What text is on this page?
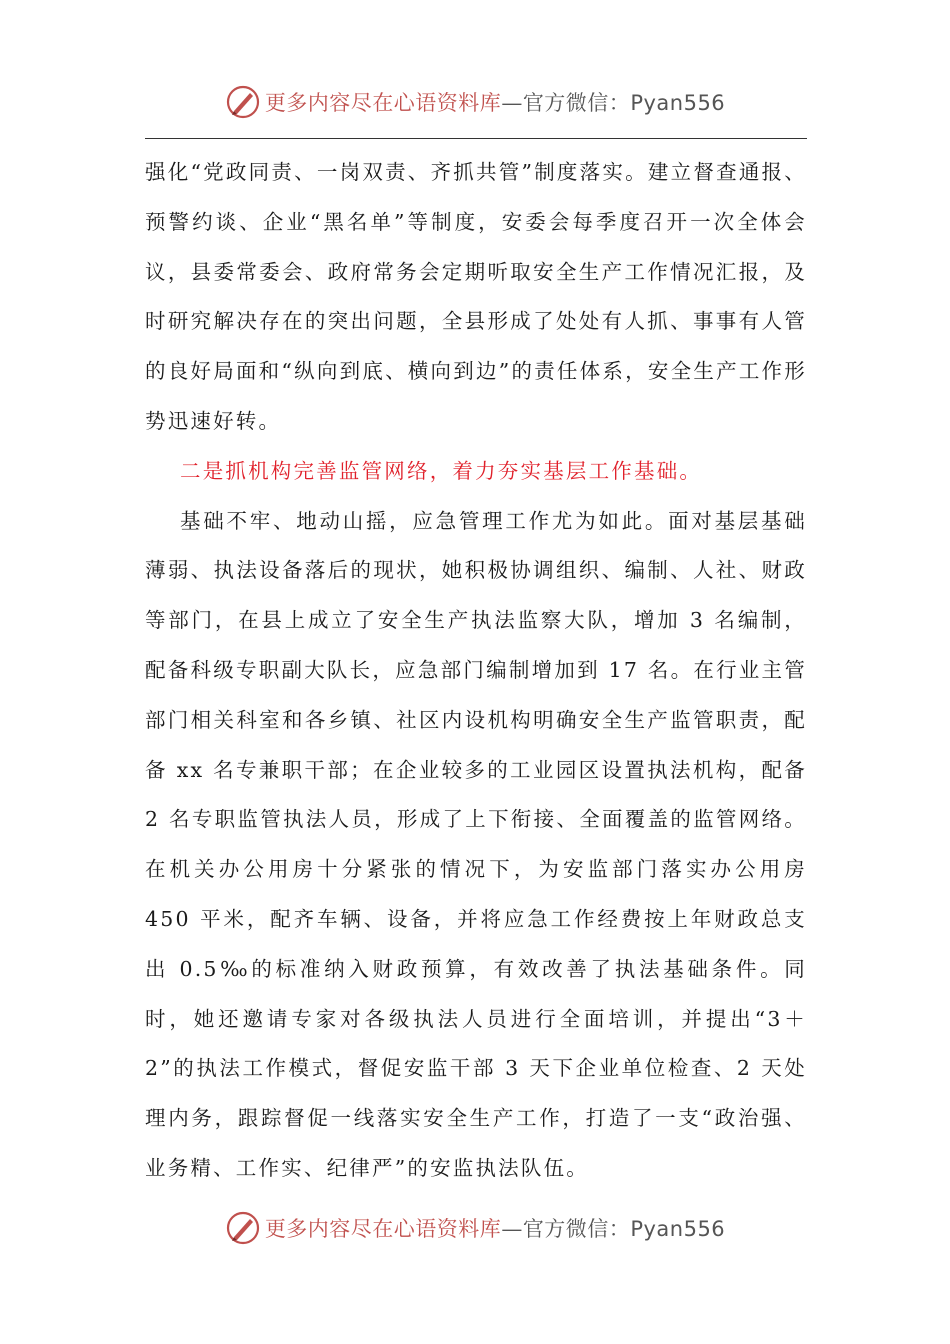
更多内容尽在心语资料库—官方微信：Pyan556

强化“党政同责、一岗双责、齐抓共管”制度落实。建立督查通报、预警约谈、企业“黑名单”等制度，安委会每季度召开一次全体会议，县委常委会、政府常务会定期听取安全生产工作情况汇报，及时研究解决存在的突出问题，全县形成了处处有人抓、事事有人管的良好局面和“纵向到底、横向到边”的责任体系，安全生产工作形势迅速好转。

二是抓机构完善监管网络，着力夯实基层工作基础。

基础不牢、地动山摇，应急管理工作尤为如此。面对基层基础薄弱、执法设备落后的现状，她积极协调组织、编制、人社、财政等部门，在县上成立了安全生产执法监察大队，增加 3 名编制，配备科级专职副大队长，应急部门编制增加到 17 名。在行业主管部门相关科室和各乡镇、社区内设机构明确安全生产监管职责，配备 xx 名专兼职干部；在企业较多的工业园区设置执法机构，配备 2 名专职监管执法人员，形成了上下衔接、全面覆盖的监管网络。在机关办公用房十分紧张的情况下，为安监部门落实办公用房 450 平米，配齐车辆、设备，并将应急工作经费按上年财政总支出 0.5‰的标准纳入财政预算，有效改善了执法基础条件。同时，她还邀请专家对各级执法人员进行全面培训，并提出“3＋2”的执法工作模式，督促安监干部 3 天下企业单位检查、2 天处理内务，跟踪督促一线落实安全生产工作，打造了一支“政治强、业务精、工作实、纪律严”的安监执法队伍。

更多内容尽在心语资料库—官方微信：Pyan556
